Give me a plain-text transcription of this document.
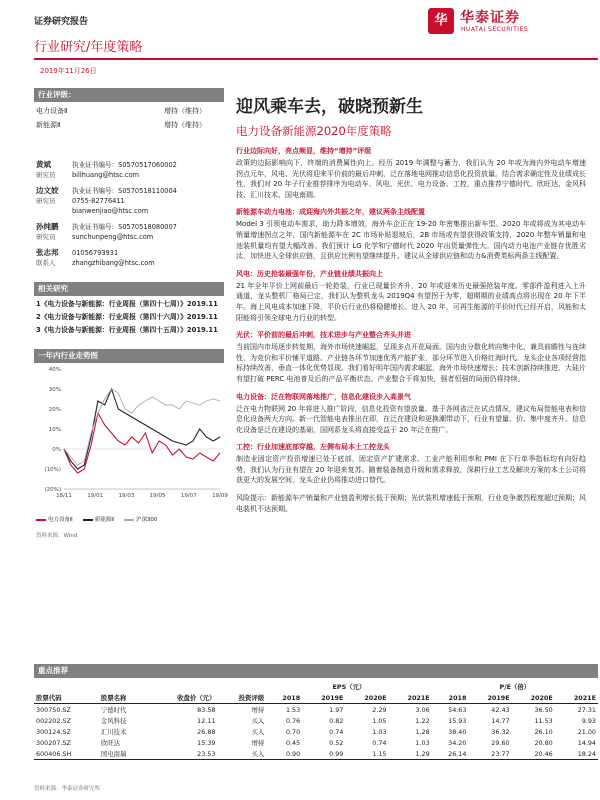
证券研究报告	华 华泰证券
HUATAI SECURITIES
行业研究/年度策略
2019年11月26日
行业评级：
电力设备Ⅱ	增持（维持）
新能源Ⅱ	增持（维持）
黄斌
研究员
执业证书编号：S0570517060002
billhuang@htsc.com
边文姣
研究员
执业证书编号：S0570518110004
0755-82776411
bianwenjiao@htsc.com
孙纯鹏
研究员
执业证书编号：S0570518080007
sunchunpeng@htsc.com
张志邦
联系人
01056793931
zhangzhibang@htsc.com
相关研究
1《电力设备与新能源：行业周报（第四十七周）》2019.11
2《电力设备与新能源：行业周报（第四十六周）》2019.11
3《电力设备与新能源：行业周报（第四十五周）》2019.11
一年内行业走势图
40%
30%
20%
10%
0%
(10%)
(20%)
18/11	19/01	19/03	19/05	19/07	19/09
电力设备Ⅱ	新能源Ⅱ	沪深300
资料来源：Wind
迎风乘车去，破晓预新生
电力设备新能源2020年度策略
行业边际向好，亮点频显，维持“增持”评级
政策的边际影响向下，终端的消费属性向上。经历 2019 年调整与蓄力，我们认为 20 年或为海内外电动车增速拐点元年，风电、光伏将迎来平价前的最后冲刺，泛在落地电网推动信息化投资放量。结合需求确定性及业绩成长性，我们对 20 年子行业推荐排序为电动车、风电、光伏、电力设备、工控，重点推荐宁德时代、欣旺达、金风科技、汇川技术、国电南瑞。
新能源车动力电池：成迎海内外共振之年，建议两条主线配置
Model 3 引领电动车需求，助力降本增效，海外车企正在 19-20 年密集推出新车型。2020 年或将成为其电动车销量增速拐点之年，国内新能源车在 2C 市场补贴退坡后，2B 市场或有望获得政策支持，2020 年整车销量和电池装机量均有望大幅改善。我们预计 LG 化学和宁德时代 2020 年出货量弹性大。国内动力电池产业链存优胜劣汰，加快进入全球供应链，且供应比例有望继续提升。建议从全球供应链和动力&消费类标两条主线配置。
风电：历史抢装最强年份，产业链业绩共振向上
21 年全年平价上网前最后一轮抢装，行业已现量价齐升，20 年或迎来历史最强抢装年度。零部件盈利进入上升通道，龙头整机厂格局已定，我们认为整机龙头 2019Q4 有望拐于为零，超期期的业绩高点将出现在 20 年下半年。海上风电成本加速下降，平价后行业仍将稳健增长。进入 20 年，可再生能源的平价时代已经开启，风能和太阳能将引领全球电力行业的转型。
光伏：平价前的最后冲刺，技术进步与产业整合齐头并进
当前国内市场逐步转复期，海外市场快速崛起，呈现多点开花局面。国内由分散化转向集中化，兼具前瞻性与连续性，为竞价和平价铺平道路。产业链各环节加速优秀产能扩张，部分环节进入价格红海时代。龙头企业各项经营指标持续改善，垂直一体化优势显现。我们看好明年国内需求崛起，海外市场快速增长；技术创新持续推进，大硅片有望打破 PERC 电池普及后的产品平衡状态。产业整合干将加快，强者恒强的局面仍将持续。
电力设备：泛在物联网落地推广，信息化建设步入高景气
泛在电力物联网 20 年将进入推广阶段，信息化投资有望放量。基于各网省泛在试点情况，建议布局智能电表和信息化设备两大方向。新一代智能电表推出在即，在泛在建设和更换潮带动下，行业有望量、价、集中度齐升。信息化设备是泛在建设的基础，国网系龙头将直接受益于 20 年泛在推广。
工控：行业加速底部穿越，左侧布局本土工控龙头
制造业固定资产投资增速已处于底部，固定资产扩建需求、工业产能利用率和 PMI 在下行单季指标均有向好趋势，我们认为行业有望在 20 年迎来复苏。随着装备制造升级和需求释放，深耕行业工艺及解决方案的本土公司将获更大的发展空间，龙头企业仍将推动进口替代。
风险提示：新能源车产销量和产业链盈利增长低于预期；光伏装机增速低于预期，行业竞争激烈程度超过预期；风电装机不达预期。
重点推荐
				EPS（元）				P/E（倍）			
股票代码	股票名称	收盘价（元）	投资评级	2018	2019E	2020E	2021E	2018	2019E	2020E	2021E
300750.SZ	宁德时代	83.58	增持	1.53	1.97	2.29	3.06	54.63	42.43	36.50	27.31
002202.SZ	金风科技	12.11	买入	0.76	0.82	1.05	1.22	15.93	14.77	11.53	9.93
300124.SZ	汇川技术	26.88	买入	0.70	0.74	1.03	1.28	38.40	36.32	26.10	21.00
300207.SZ	欣旺达	15.39	增持	0.45	0.52	0.74	1.03	34.20	29.60	20.80	14.94
600406.SH	国电南瑞	23.53	买入	0.90	0.99	1.15	1.29	26.14	23.77	20.46	18.24
资料来源：华泰证券研究所
